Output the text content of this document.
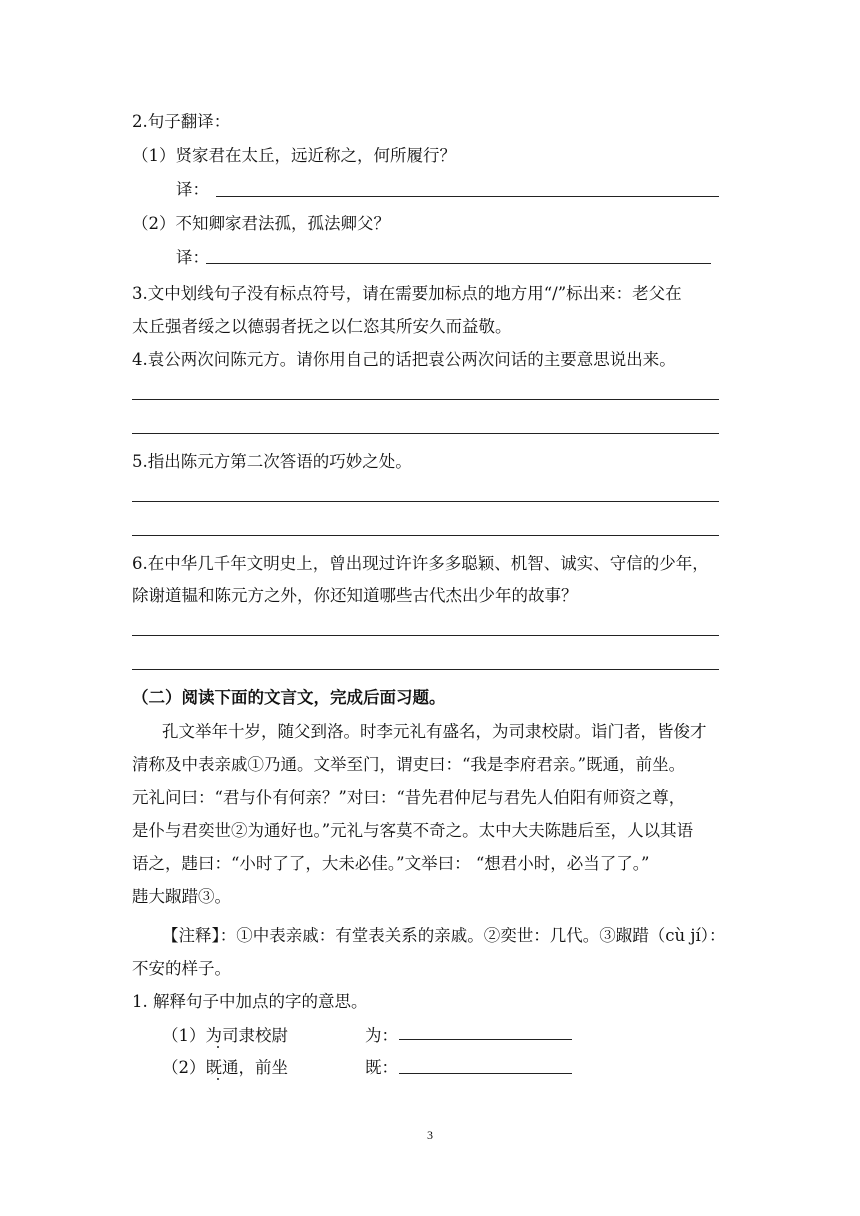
2.句子翻译：
（1）贤家君在太丘，远近称之，何所履行？
译：
（2）不知卿家君法孤，孤法卿父？
译：
3.文中划线句子没有标点符号，请在需要加标点的地方用“/”标出来：老父在
太丘强者绥之以德弱者抚之以仁恣其所安久而益敬。
4.袁公两次问陈元方。请你用自己的话把袁公两次问话的主要意思说出来。
5.指出陈元方第二次答语的巧妙之处。
6.在中华几千年文明史上，曾出现过许许多多聪颖、机智、诚实、守信的少年，
除谢道韫和陈元方之外，你还知道哪些古代杰出少年的故事？
（二）阅读下面的文言文，完成后面习题。
孔文举年十岁，随父到洛。时李元礼有盛名，为司隶校尉。诣门者，皆俊才
清称及中表亲戚①乃通。文举至门，谓吏曰：“我是李府君亲。”既通，前坐。
元礼问曰：“君与仆有何亲？”对曰：“昔先君仲尼与君先人伯阳有师资之尊，
是仆与君奕世②为通好也。”元礼与客莫不奇之。太中大夫陈韪后至，人以其语
语之，韪曰：“小时了了，大未必佳。”文举曰： “想君小时，必当了了。”
韪大踧踖③。
【注释】：①中表亲戚：有堂表关系的亲戚。②奕世：几代。③踧踖（cù jí）：
不安的样子。
1. 解释句子中加点的字的意思。
（1）为司隶校尉	为：
（2）既通，前坐	既：
3
